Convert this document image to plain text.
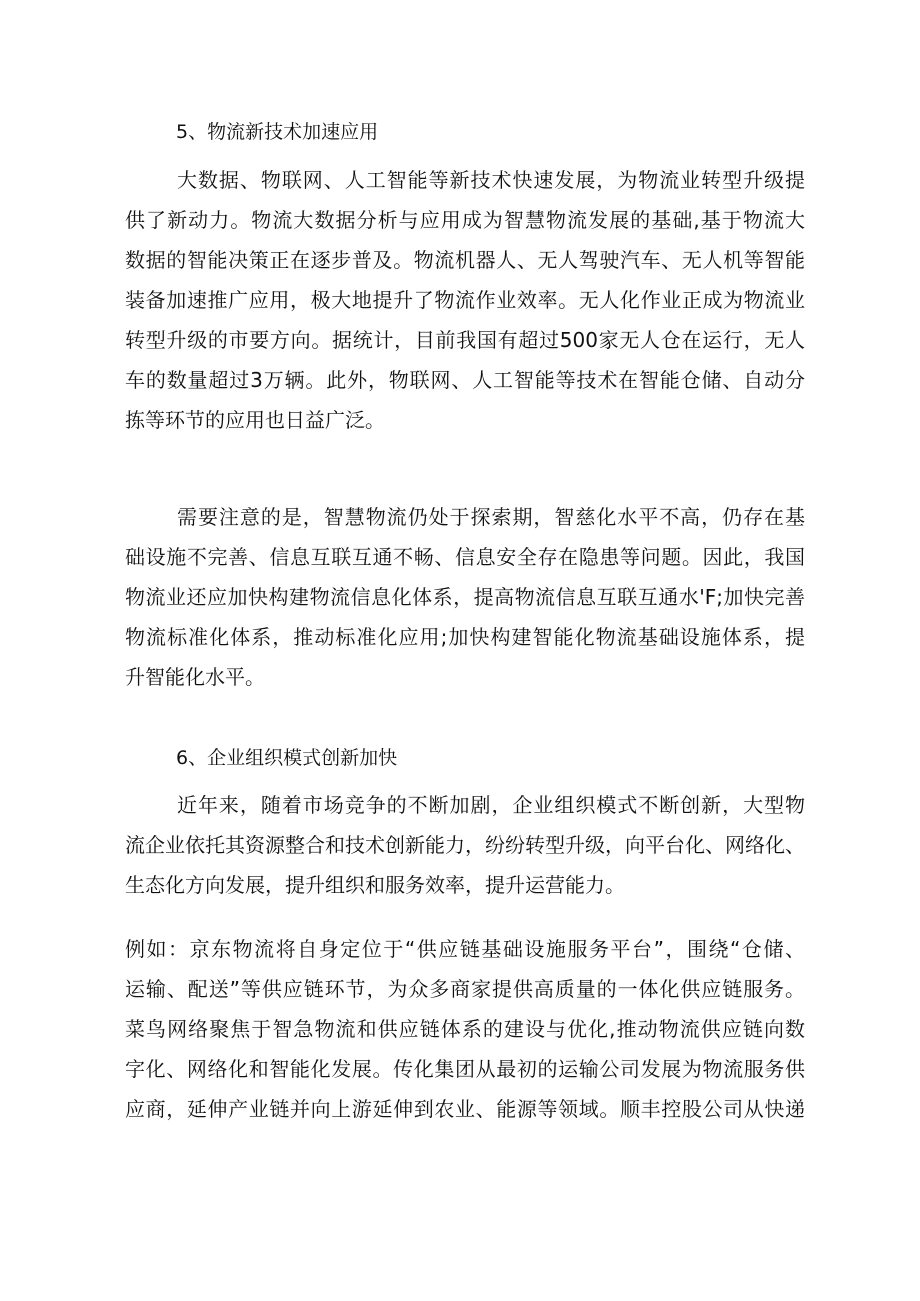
5、物流新技术加速应用
大数据、物联网、人工智能等新技术快速发展，为物流业转型升级提
供了新动力。物流大数据分析与应用成为智慧物流发展的基础,基于物流大
数据的智能决策正在逐步普及。物流机器人、无人驾驶汽车、无人机等智能
装备加速推广应用，极大地提升了物流作业效率。无人化作业正成为物流业
转型升级的市要方向。据统计，目前我国有超过500家无人仓在运行，无人
车的数量超过3万辆。此外，物联网、人工智能等技术在智能仓储、自动分
拣等环节的应用也日益广泛。
需要注意的是，智慧物流仍处于探索期，智慈化水平不高，仍存在基
础设施不完善、信息互联互通不畅、信息安全存在隐患等问题。因此，我国
物流业还应加快构建物流信息化体系，提高物流信息互联互通水'F;加快完善
物流标准化体系，推动标准化应用;加快构建智能化物流基础设施体系，提
升智能化水平。
6、企业组织模式创新加快
近年来，随着市场竞争的不断加剧，企业组织模式不断创新，大型物
流企业依托其资源整合和技术创新能力，纷纷转型升级，向平台化、网络化、
生态化方向发展，提升组织和服务效率，提升运营能力。
例如：京东物流将自身定位于“供应链基础设施服务平台”，围绕“仓储、
运输、配送”等供应链环节，为众多商家提供高质量的一体化供应链服务。
菜鸟网络聚焦于智急物流和供应链体系的建设与优化,推动物流供应链向数
字化、网络化和智能化发展。传化集团从最初的运输公司发展为物流服务供
应商，延伸产业链并向上游延伸到农业、能源等领域。顺丰控股公司从快递
